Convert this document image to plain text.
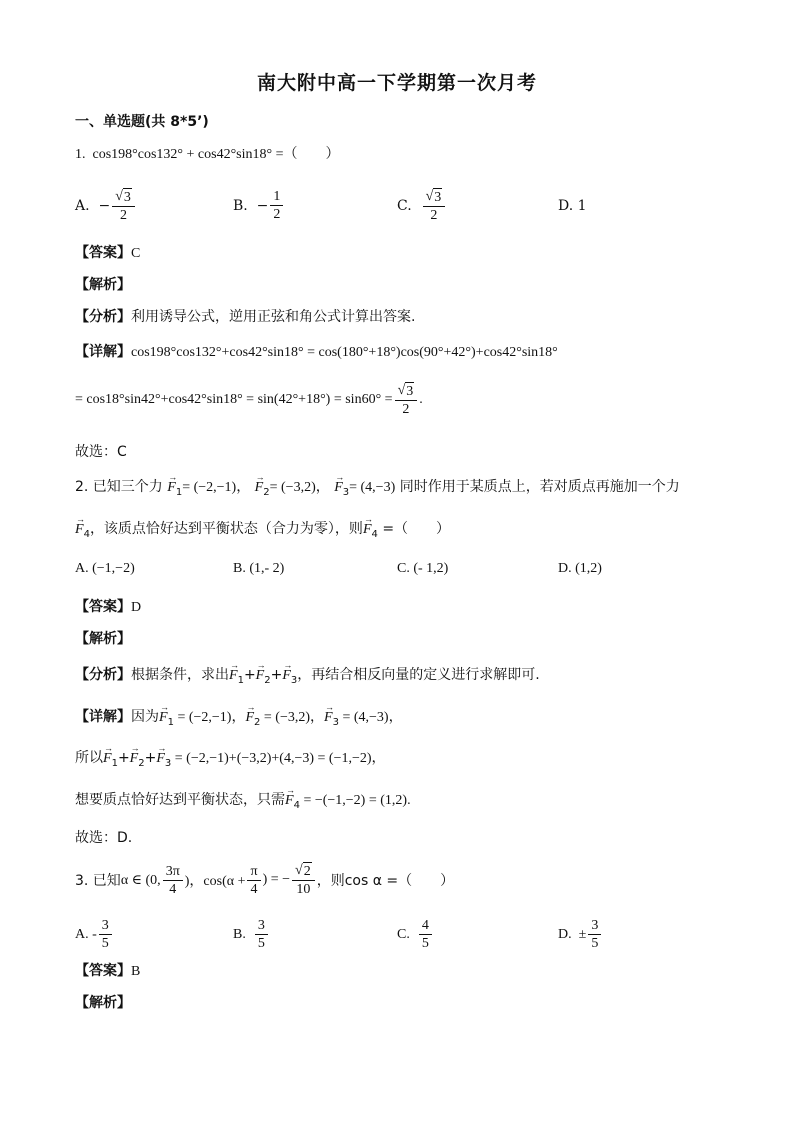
南大附中高一下学期第一次月考
一、单选题(共 8*5’)
1. cos198°cos132° + cos42°sin18° =（　　）
A.
− $\frac{√ 3}{2}$	B.
− $\frac{1}{2}$	C.
$\frac{√ 3}{2}$	D. 1
【答案】C
【解析】
【分析】利用诱导公式，逆用正弦和角公式计算出答案.
【详解】cos198°cos132°+cos42°sin18° = cos(180°+18°)cos(90°+42°)+cos42°sin18°
= $\cos 18^\circ\sin 42^\circ+\cos 42^\circ\sin 18^\circ = \sin(42^\circ+18^\circ) = \sin 60^\circ = \frac{√ 3}{2}$ .
故选：C
2. 已知三个力 → $F_1= (-2,-1)$， → $F_2= (-3,2)$， → $F_3= (4,-3)$ 同时作用于某质点上，若对质点再施加一个力
→ $F_4$，该质点恰好达到平衡状态（合力为零），则→ $F_4$ =（　　）
A. (−1,−2)	B. (1,- 2)	C. (- 1,2)	D. (1,2)
【答案】D
【解析】
【分析】根据条件，求出→ $F_1+\to F_2+\to F_3$，再结合相反向量的定义进行求解即可.
【详解】因为→ $F_1 = (-2,-1)$，→ $F_2 = (-3,2)$，→ $F_3 = (4,-3)$，
所以→ $F_1+\to F_2+\to F_3 = (-2,-1)+(-3,2)+(4,-3) = (-1,-2)$，
想要质点恰好达到平衡状态，只需→ $F_4 = -(-1,-2) = (1,2)$.
故选：D.
3. 已知 α ∈ (0, $\frac{3\pi}{4}$ )，$\cos(\alpha + \frac{\pi}{4}$ ) = − $\frac{√ 2}{10}$ ，则cos α =（　　）
A.
- $\frac{3}{5}$	B.
$\frac{3}{5}$	C.
$\frac{4}{5}$	D.
± $\frac{3}{5}$
【答案】B
【解析】
